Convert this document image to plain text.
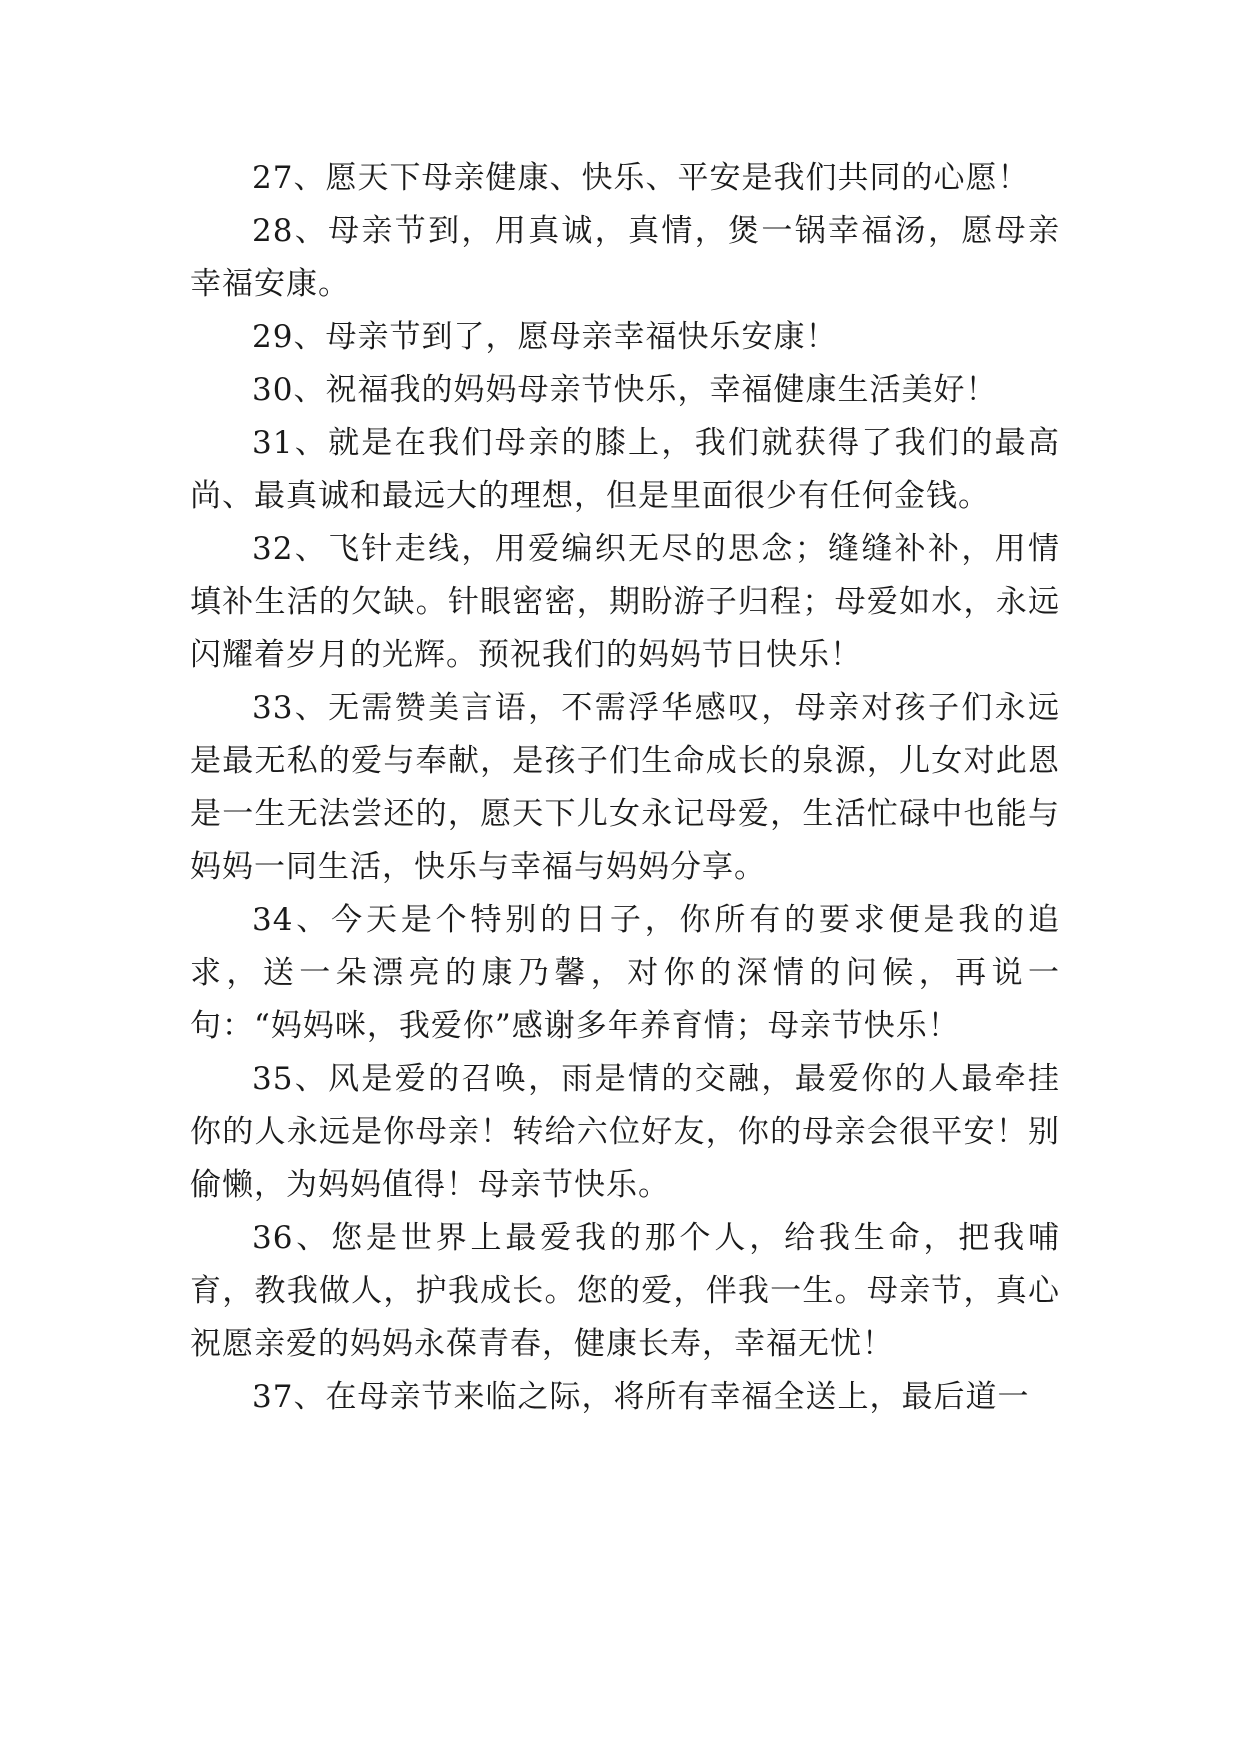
27、愿天下母亲健康、快乐、平安是我们共同的心愿！

28、母亲节到，用真诚，真情，煲一锅幸福汤，愿母亲幸福安康。

29、母亲节到了，愿母亲幸福快乐安康！

30、祝福我的妈妈母亲节快乐，幸福健康生活美好！

31、就是在我们母亲的膝上，我们就获得了我们的最高尚、最真诚和最远大的理想，但是里面很少有任何金钱。

32、飞针走线，用爱编织无尽的思念；缝缝补补，用情填补生活的欠缺。针眼密密，期盼游子归程；母爱如水，永远闪耀着岁月的光辉。预祝我们的妈妈节日快乐！

33、无需赞美言语，不需浮华感叹，母亲对孩子们永远是最无私的爱与奉献，是孩子们生命成长的泉源，儿女对此恩是一生无法尝还的，愿天下儿女永记母爱，生活忙碌中也能与妈妈一同生活，快乐与幸福与妈妈分享。

34、今天是个特别的日子，你所有的要求便是我的追求，送一朵漂亮的康乃馨，对你的深情的问候，再说一句：“妈妈咪，我爱你”感谢多年养育情；母亲节快乐！

35、风是爱的召唤，雨是情的交融，最爱你的人最牵挂你的人永远是你母亲！转给六位好友，你的母亲会很平安！别偷懒，为妈妈值得！母亲节快乐。

36、您是世界上最爱我的那个人，给我生命，把我哺育，教我做人，护我成长。您的爱，伴我一生。母亲节，真心祝愿亲爱的妈妈永葆青春，健康长寿，幸福无忧！

37、在母亲节来临之际，将所有幸福全送上，最后道一
